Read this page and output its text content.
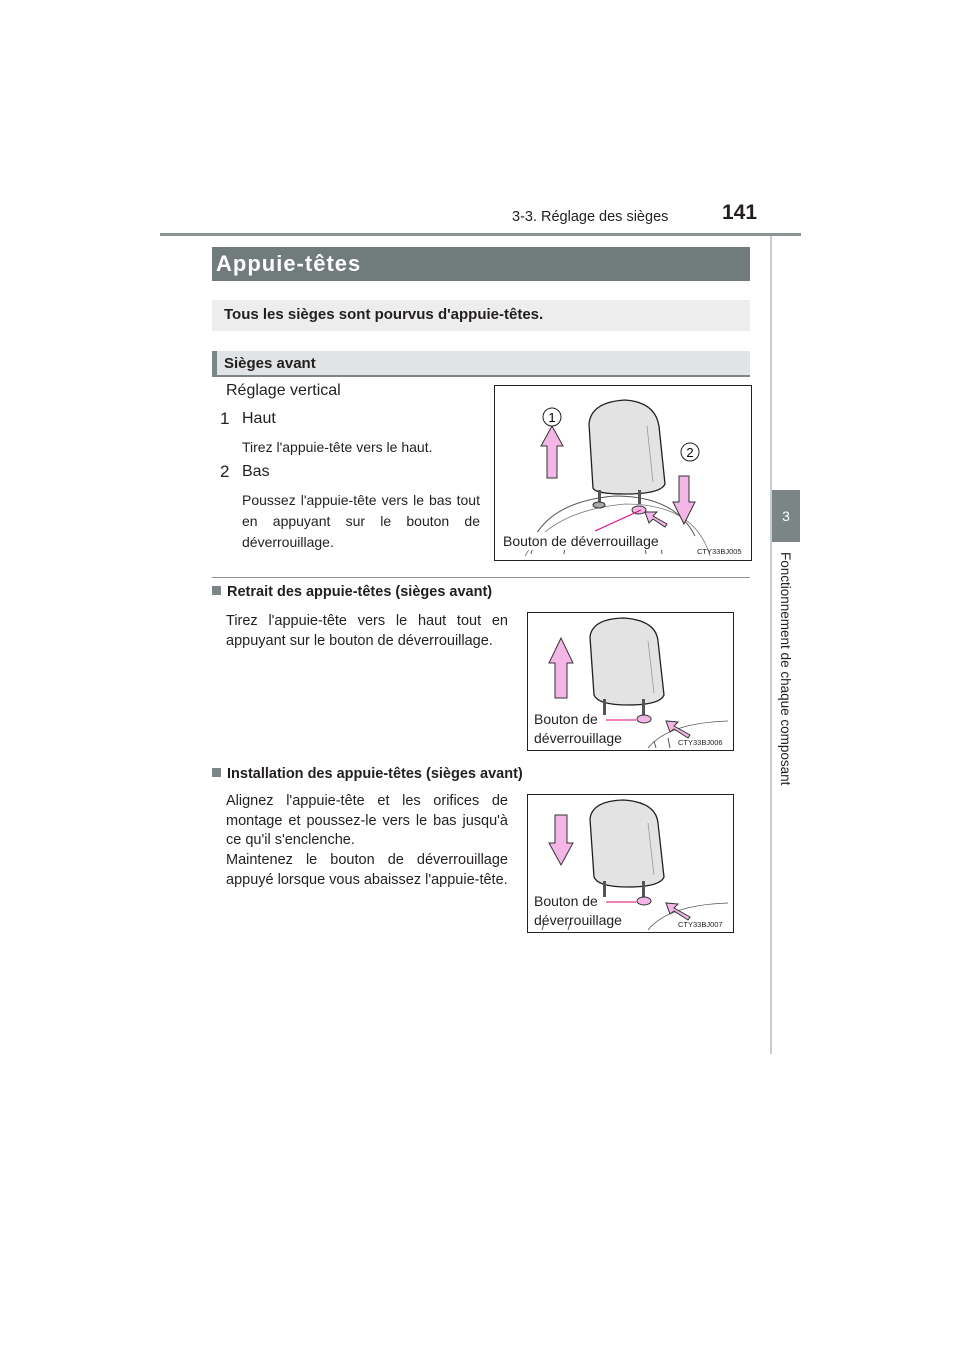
3-3. Réglage des sièges	141
3
Fonctionnement de chaque composant
Appuie-têtes
Tous les sièges sont pourvus d'appuie-têtes.
Sièges avant
Réglage vertical
1 Haut
Tirez l'appuie-tête vers le haut.
2 Bas
Poussez l'appuie-tête vers le bas tout en appuyant sur le bouton de déverrouillage.
1
2
Bouton de déverrouillage
CTY33BJ005
Retrait des appuie-têtes (sièges avant)
Tirez l'appuie-tête vers le haut tout en appuyant sur le bouton de déverrouillage.
Bouton de
déverrouillage	CTY33BJ006
Installation des appuie-têtes (sièges avant)
Alignez l'appuie-tête et les orifices de montage et poussez-le vers le bas jusqu'à ce qu'il s'enclenche.
Maintenez le bouton de déverrouillage appuyé lorsque vous abaissez l'appuie-tête.
Bouton de
déverrouillage	CTY33BJ007
